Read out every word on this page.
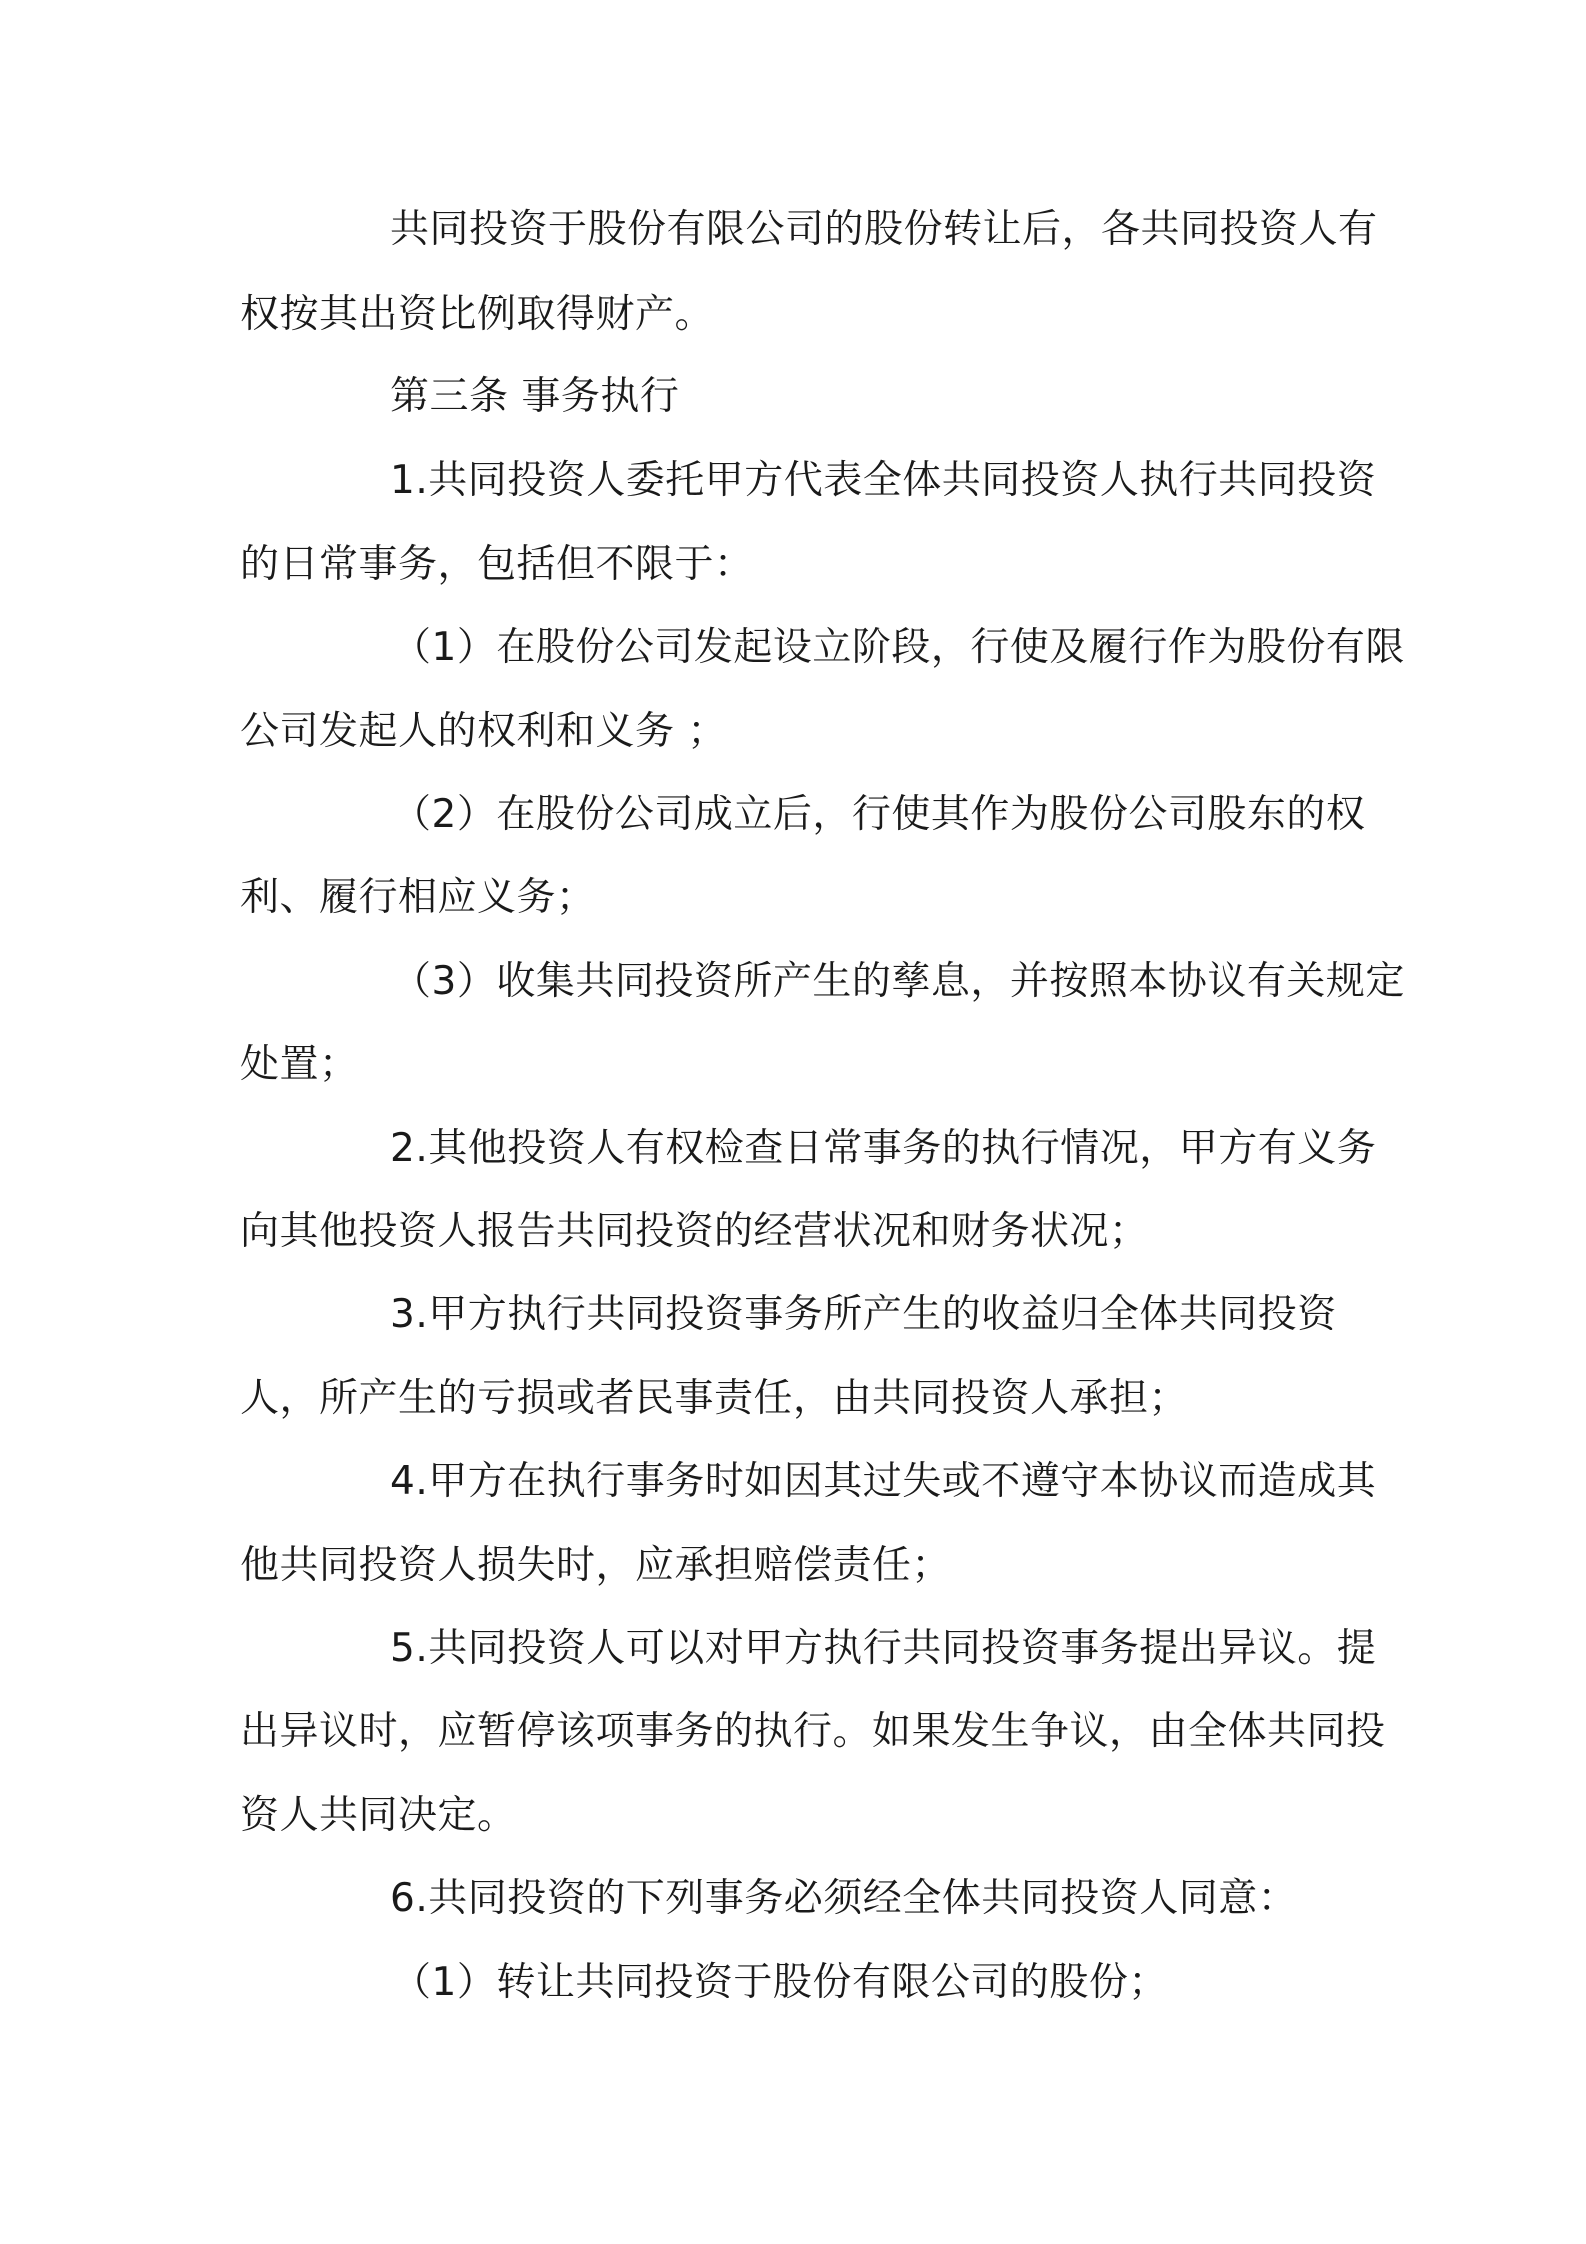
共同投资于股份有限公司的股份转让后，各共同投资人有
权按其出资比例取得财产。
第三条 事务执行
1.共同投资人委托甲方代表全体共同投资人执行共同投资
的日常事务，包括但不限于：
（1）在股份公司发起设立阶段，行使及履行作为股份有限
公司发起人的权利和义务 ；
（2）在股份公司成立后，行使其作为股份公司股东的权
利、履行相应义务；
（3）收集共同投资所产生的孳息，并按照本协议有关规定
处置；
2.其他投资人有权检查日常事务的执行情况，甲方有义务
向其他投资人报告共同投资的经营状况和财务状况；
3.甲方执行共同投资事务所产生的收益归全体共同投资
人，所产生的亏损或者民事责任，由共同投资人承担；
4.甲方在执行事务时如因其过失或不遵守本协议而造成其
他共同投资人损失时，应承担赔偿责任；
5.共同投资人可以对甲方执行共同投资事务提出异议。提
出异议时，应暂停该项事务的执行。如果发生争议，由全体共同投
资人共同决定。
6.共同投资的下列事务必须经全体共同投资人同意：
（1）转让共同投资于股份有限公司的股份；
